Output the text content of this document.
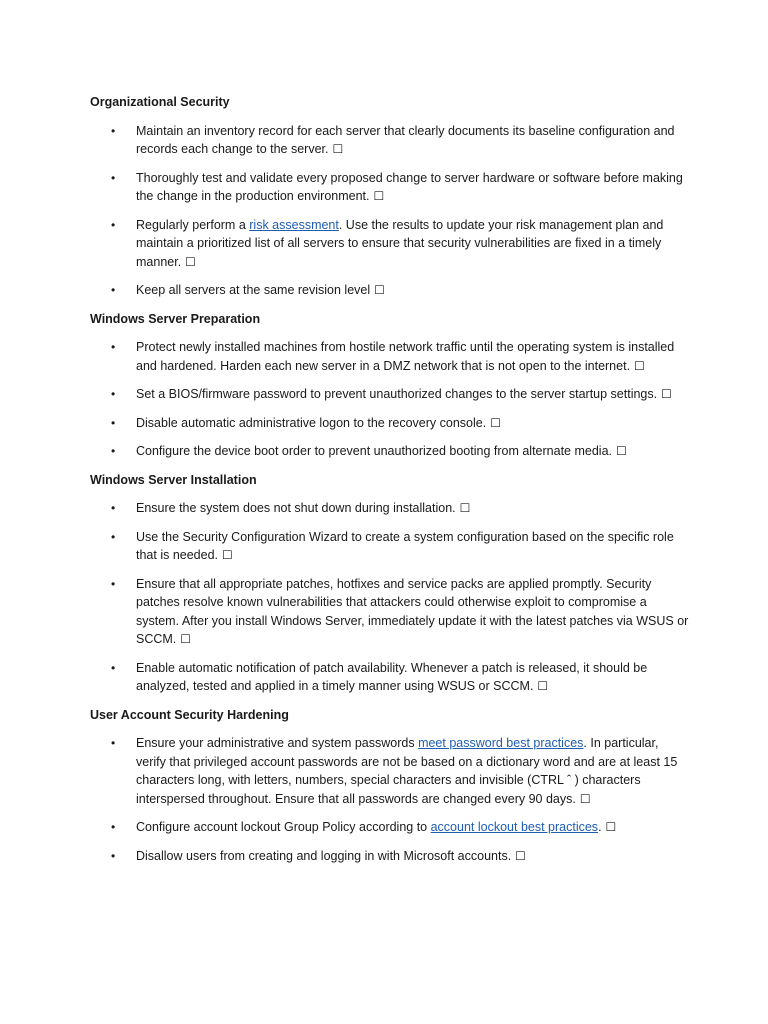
Organizational Security
• Maintain an inventory record for each server that clearly documents its baseline configuration and records each change to the server. ☐
• Thoroughly test and validate every proposed change to server hardware or software before making the change in the production environment. ☐
• Regularly perform a risk assessment. Use the results to update your risk management plan and maintain a prioritized list of all servers to ensure that security vulnerabilities are fixed in a timely manner. ☐
• Keep all servers at the same revision level ☐
Windows Server Preparation
• Protect newly installed machines from hostile network traffic until the operating system is installed and hardened. Harden each new server in a DMZ network that is not open to the internet. ☐
• Set a BIOS/firmware password to prevent unauthorized changes to the server startup settings. ☐
• Disable automatic administrative logon to the recovery console. ☐
• Configure the device boot order to prevent unauthorized booting from alternate media. ☐
Windows Server Installation
• Ensure the system does not shut down during installation. ☐
• Use the Security Configuration Wizard to create a system configuration based on the specific role that is needed. ☐
• Ensure that all appropriate patches, hotfixes and service packs are applied promptly. Security patches resolve known vulnerabilities that attackers could otherwise exploit to compromise a system. After you install Windows Server, immediately update it with the latest patches via WSUS or SCCM. ☐
• Enable automatic notification of patch availability. Whenever a patch is released, it should be analyzed, tested and applied in a timely manner using WSUS or SCCM. ☐
User Account Security Hardening
• Ensure your administrative and system passwords meet password best practices. In particular, verify that privileged account passwords are not be based on a dictionary word and are at least 15 characters long, with letters, numbers, special characters and invisible (CTRL ˆ ) characters interspersed throughout. Ensure that all passwords are changed every 90 days. ☐
• Configure account lockout Group Policy according to account lockout best practices. ☐
• Disallow users from creating and logging in with Microsoft accounts. ☐
